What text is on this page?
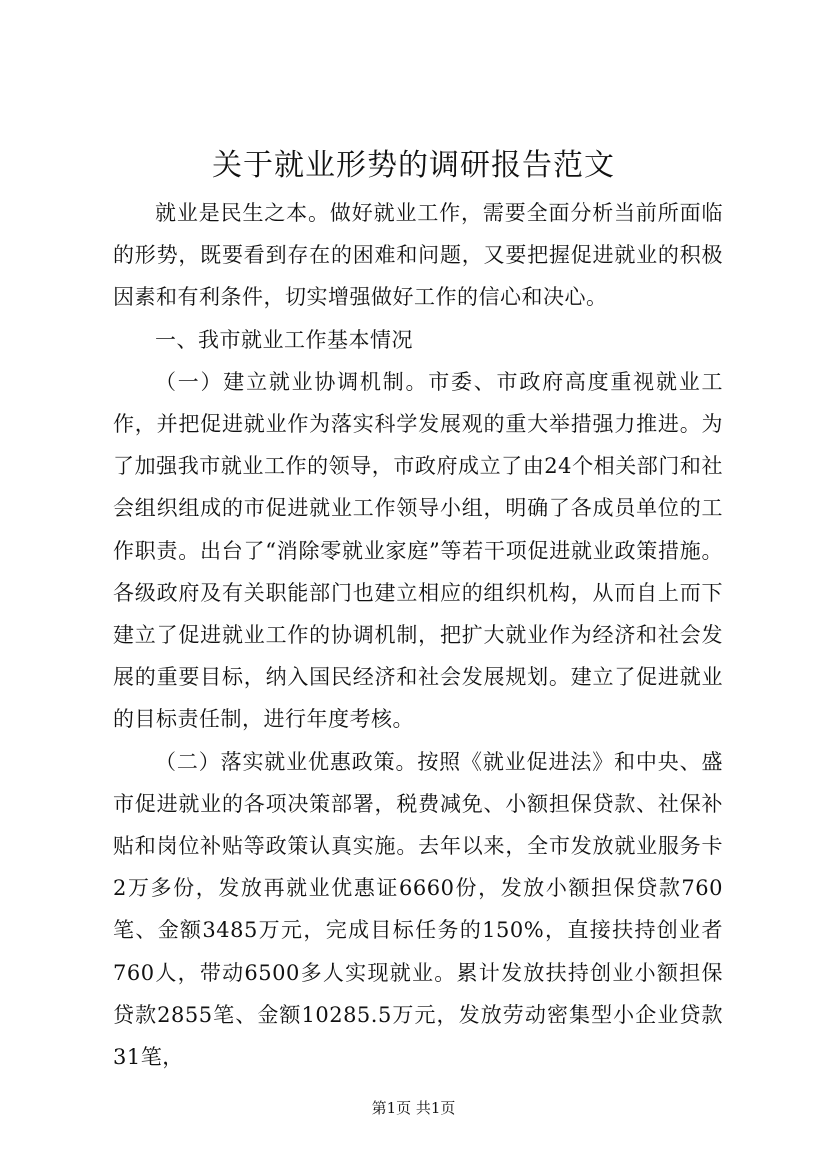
关于就业形势的调研报告范文

就业是民生之本。做好就业工作，需要全面分析当前所面临的形势，既要看到存在的困难和问题，又要把握促进就业的积极因素和有利条件，切实增强做好工作的信心和决心。

一、我市就业工作基本情况

（一）建立就业协调机制。市委、市政府高度重视就业工作，并把促进就业作为落实科学发展观的重大举措强力推进。为了加强我市就业工作的领导，市政府成立了由24个相关部门和社会组织组成的市促进就业工作领导小组，明确了各成员单位的工作职责。出台了“消除零就业家庭”等若干项促进就业政策措施。各级政府及有关职能部门也建立相应的组织机构，从而自上而下建立了促进就业工作的协调机制，把扩大就业作为经济和社会发展的重要目标，纳入国民经济和社会发展规划。建立了促进就业的目标责任制，进行年度考核。

（二）落实就业优惠政策。按照《就业促进法》和中央、盛市促进就业的各项决策部署，税费减免、小额担保贷款、社保补贴和岗位补贴等政策认真实施。去年以来，全市发放就业服务卡2万多份，发放再就业优惠证6660份，发放小额担保贷款760笔、金额3485万元，完成目标任务的150%，直接扶持创业者760人，带动6500多人实现就业。累计发放扶持创业小额担保贷款2855笔、金额10285.5万元，发放劳动密集型小企业贷款31笔，

第1页 共1页
